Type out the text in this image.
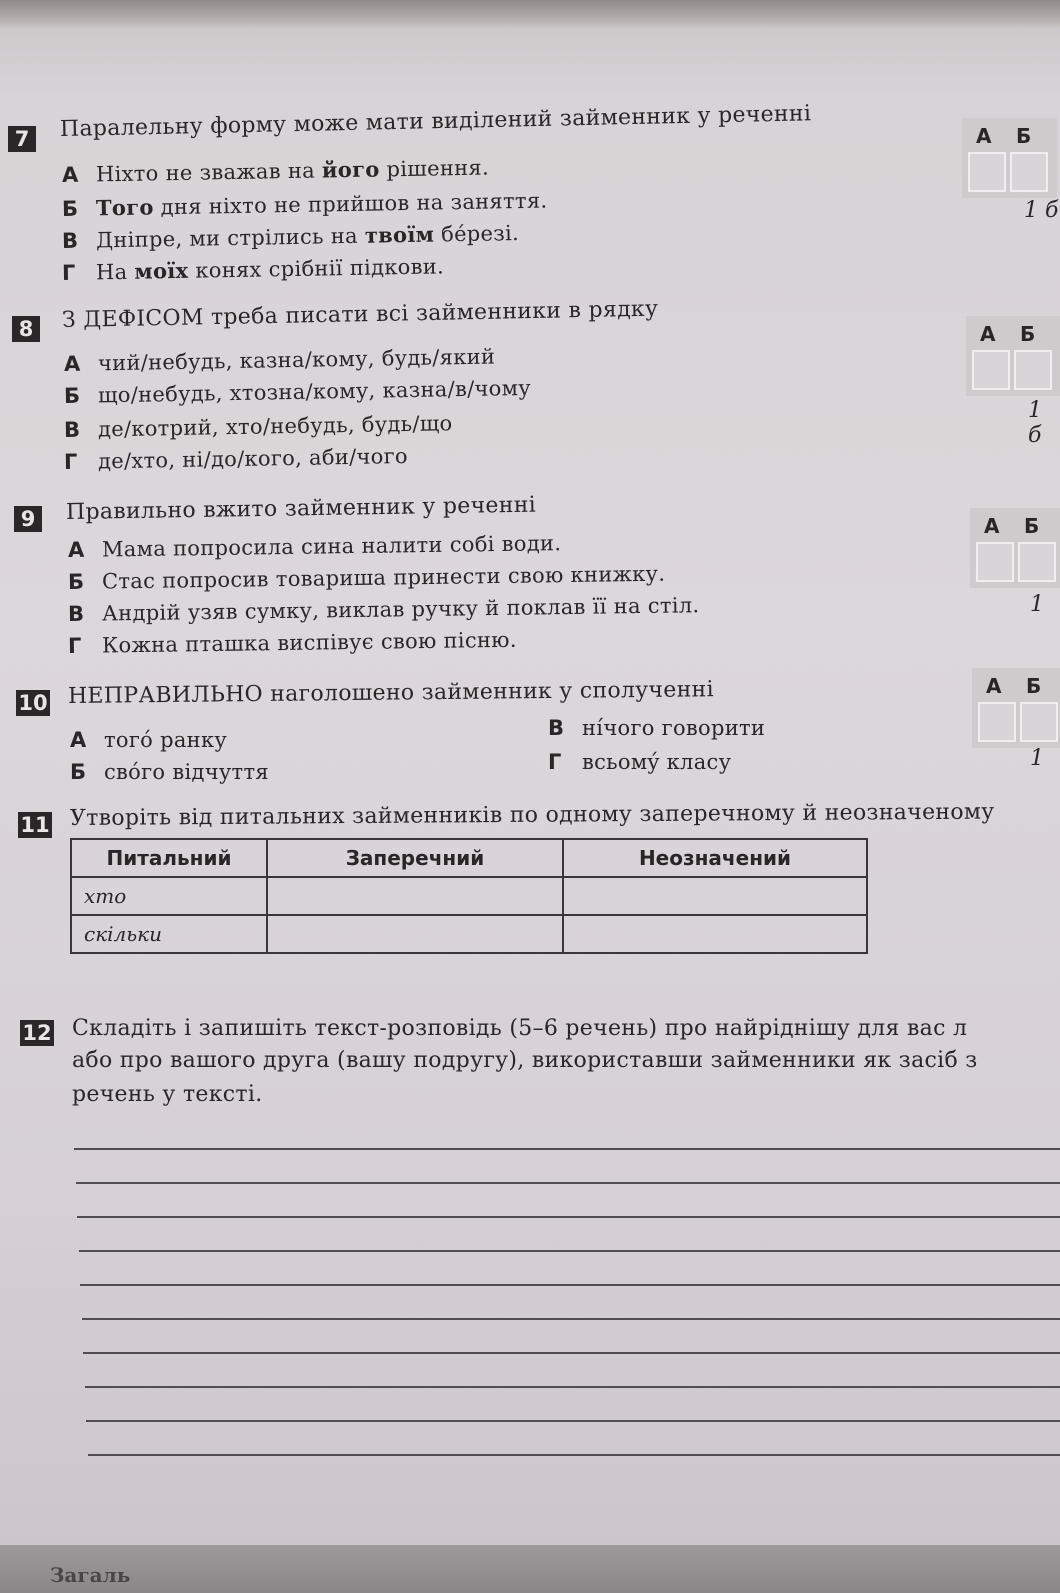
7	Паралельну форму може мати виділений займенник у реченні
А Ніхто не зважав на його рішення.
Б Того дня ніхто не прийшов на заняття.
В Дніпре, ми стрілись на твоїм бéрезі.
Г На моїх конях срібнії підкови.
А Б
1 б
8	З ДЕФІСОМ треба писати всі займенники в рядку
А чий/небудь, казна/кому, будь/який
Б що/небудь, хтозна/кому, казна/в/чому
В де/котрий, хто/небудь, будь/що
Г де/хто, ні/до/кого, аби/чого
А Б
1 б
9	Правильно вжито займенник у реченні
А Мама попросила сина налити собі води.
Б Стас попросив товариша принести свою книжку.
В Андрій узяв сумку, виклав ручку й поклав її на стіл.
Г Кожна пташка виспівує свою пісню.
А Б
1
10 НЕПРАВИЛЬНО наголошено займенник у сполученні
А тогó ранку
Б свóго відчуття
В нíчого говорити
Г всьомý класу
А Б
1
11 Утворіть від питальних займенників по одному заперечному й неозначеному
Питальний	Заперечний	Неозначений
хто		
скільки		
12 Складіть і запишіть текст-розповідь (5–6 речень) про найріднішу для вас л
або про вашого друга (вашу подругу), використавши займенники як засіб з
речень у тексті.
Загаль
